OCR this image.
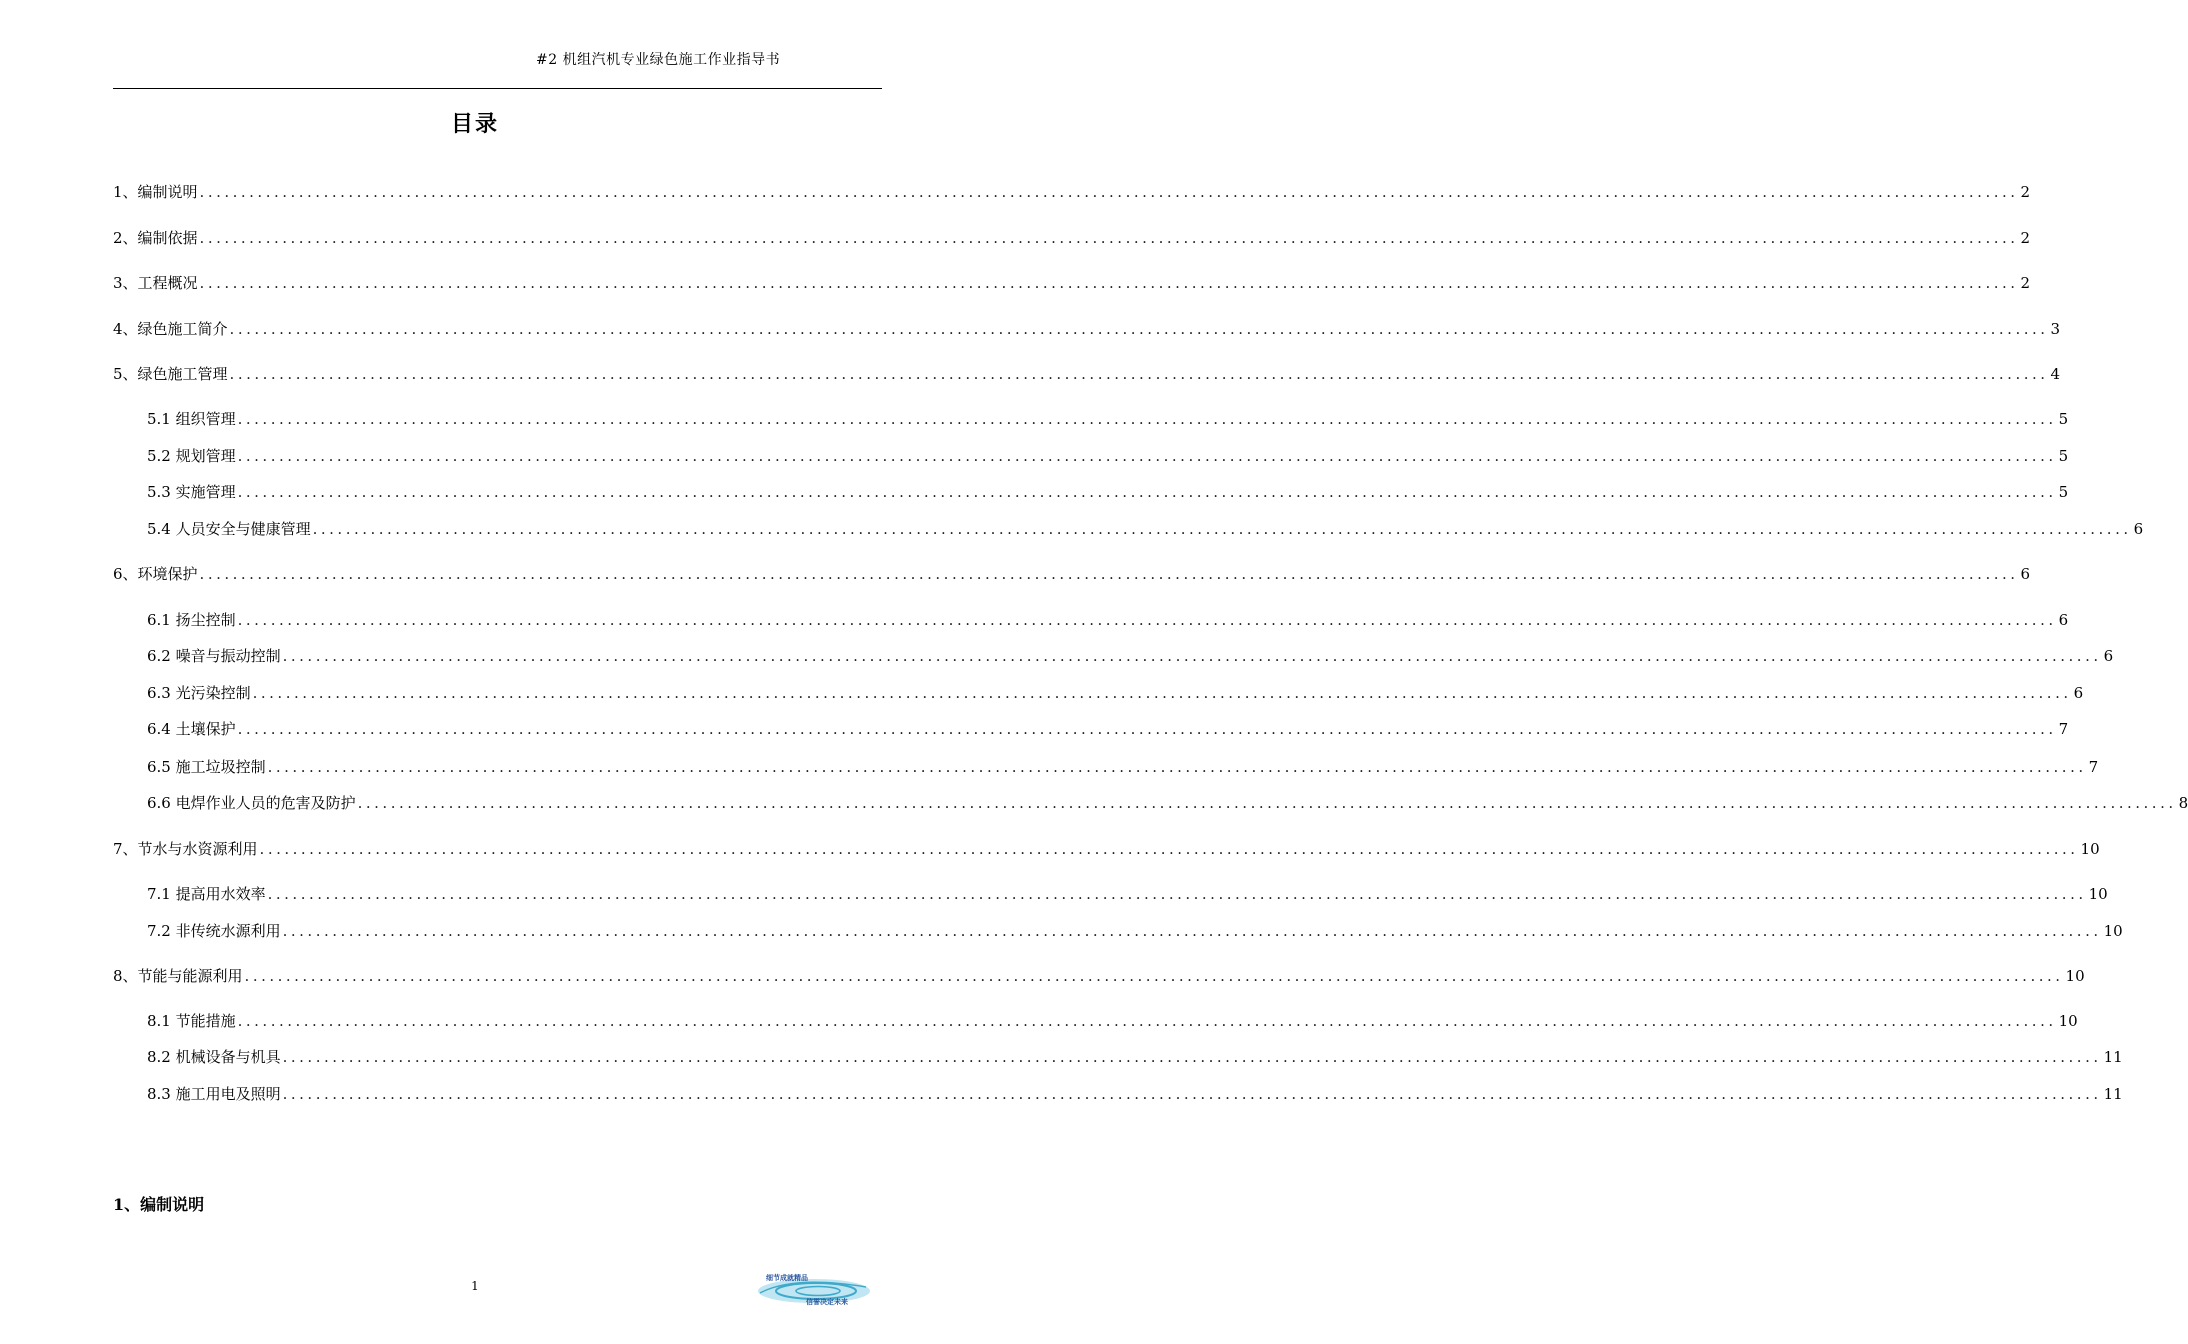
#2 机组汽机专业绿色施工作业指导书
目录
1、编制说明 ............................................................................................................................................................................................................................ 2
2、编制依据 ............................................................................................................................................................................................................................ 2
3、工程概况 ............................................................................................................................................................................................................................ 2
4、绿色施工简介 ............................................................................................................................................................................................................................ 3
5、绿色施工管理 ............................................................................................................................................................................................................................ 4
5.1 组织管理 ............................................................................................................................................................................................................................ 5
5.2 规划管理 ............................................................................................................................................................................................................................ 5
5.3 实施管理 ............................................................................................................................................................................................................................ 5
5.4 人员安全与健康管理 ............................................................................................................................................................................................................................ 6
6、环境保护 ............................................................................................................................................................................................................................ 6
6.1 扬尘控制 ............................................................................................................................................................................................................................ 6
6.2 噪音与振动控制 ............................................................................................................................................................................................................................ 6
6.3 光污染控制 ............................................................................................................................................................................................................................ 6
6.4 土壤保护 ............................................................................................................................................................................................................................ 7
6.5 施工垃圾控制 ............................................................................................................................................................................................................................ 7
6.6 电焊作业人员的危害及防护 ............................................................................................................................................................................................................................ 8
7、节水与水资源利用 ............................................................................................................................................................................................................................ 10
7.1 提高用水效率 ............................................................................................................................................................................................................................ 10
7.2 非传统水源利用 ............................................................................................................................................................................................................................ 10
8、节能与能源利用 ............................................................................................................................................................................................................................ 10
8.1 节能措施 ............................................................................................................................................................................................................................ 10
8.2 机械设备与机具 ............................................................................................................................................................................................................................ 11
8.3 施工用电及照明 ............................................................................................................................................................................................................................ 11
1、编制说明
1
细节成就精品
信誉决定未来
